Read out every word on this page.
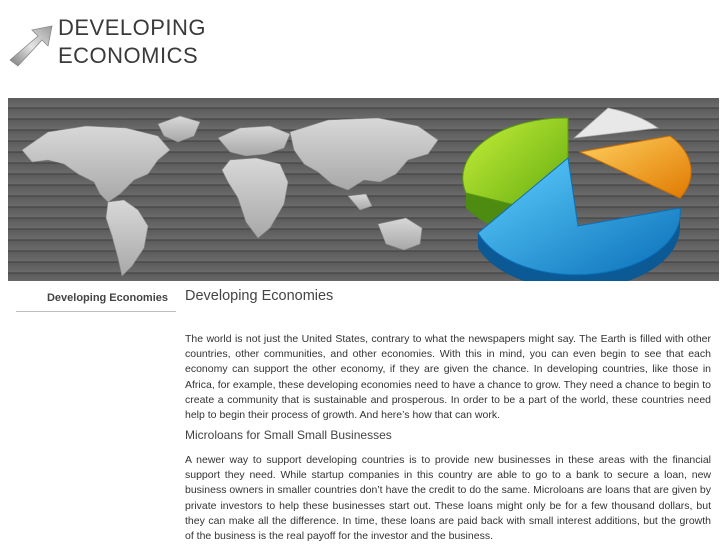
DEVELOPING
ECONOMICS
Developing Economies	Developing Economies

The world is not just the United States, contrary to what the newspapers might say. The Earth is filled with other countries, other communities, and other economies. With this in mind, you can even begin to see that each economy can support the other economy, if they are given the chance. In developing countries, like those in Africa, for example, these developing economies need to have a chance to grow. They need a chance to begin to create a community that is sustainable and prosperous. In order to be a part of the world, these countries need help to begin their process of growth. And here’s how that can work.

Microloans for Small Small Businesses

A newer way to support developing countries is to provide new businesses in these areas with the financial support they need. While startup companies in this country are able to go to a bank to secure a loan, new business owners in smaller countries don’t have the credit to do the same. Microloans are loans that are given by private investors to help these businesses start out. These loans might only be for a few thousand dollars, but they can make all the difference. In time, these loans are paid back with small interest additions, but the growth of the business is the real payoff for the investor and the business.
